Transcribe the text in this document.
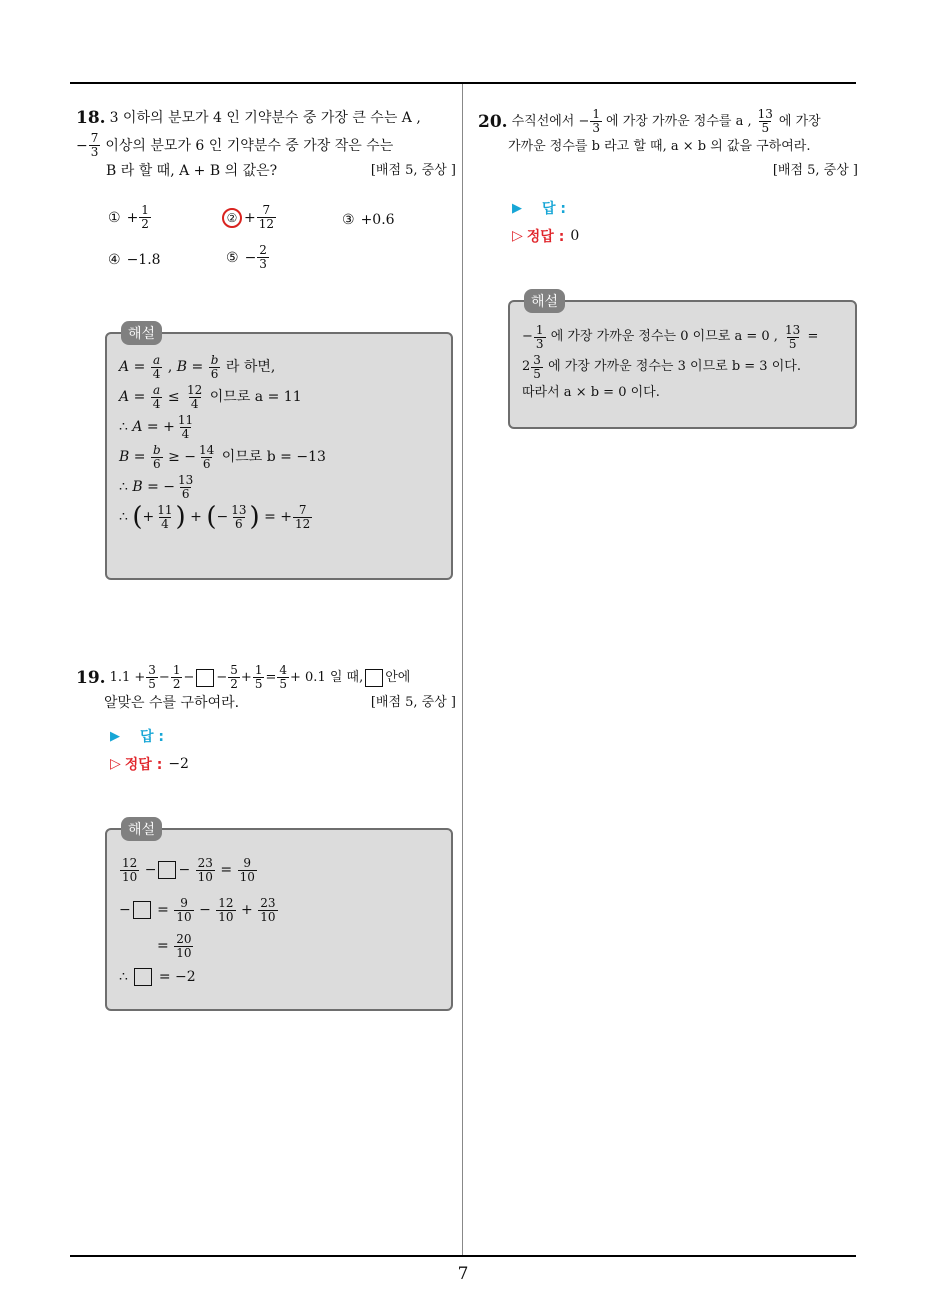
7
18. 3 이하의 분모가 4 인 기약분수 중 가장 큰 수는 A ,
− $\frac{7}{3}$ 이상의 분모가 6 인 기약분수 중 가장 작은 수는
B 라 할 때, A + B 의 값은?	[배점 5, 중상 ]
① + $\frac{1}{2}$	② + $\frac{7}{12}$	③ +0.6
④ −1.8	⑤ − $\frac{2}{3}$
해설
$A = \frac{a}{4}$ , $B = \frac{b}{6}$
라 하면,
$A = \frac{a}{4} \le \frac{12}{4}$
이므로 a = 11
∴ A = + $\frac{11}{4}$
$B = \frac{b}{6}$ ≥ − $\frac{14}{6}$
이므로 b = −13
∴ B = − $\frac{13}{6}$
∴ ( + $\frac{11}{4}$ ) + ( − $\frac{13}{6}$ ) = + $\frac{7}{12}$
19. $1.1 + \frac{3}{5} - \frac{1}{2}$ − − $\frac{5}{2} + \frac{1}{5} = \frac{4}{5} + 0.1$ 일 때, 안에
알맞은 수를 구하여라.	[배점 5, 중상 ]
▶ 답 :
▷ 정답 : −2
해설
$\frac{12}{10}$ − − $\frac{23}{10} = \frac{9}{10}$
−
= $\frac{9}{10} - \frac{12}{10} + \frac{23}{10}$
= $\frac{20}{10}$
∴
= −2
20. 수직선에서 − $\frac{1}{3}$ 에 가장 가까운 정수를 a , $\frac{13}{5}$ 에 가장
가까운 정수를 b 라고 할 때, a × b 의 값을 구하여라.
[배점 5, 중상 ]
▶ 답 :
▷ 정답 : 0
해설
− $\frac{1}{3}$
에 가장 가까운 정수는 0 이므로 a = 0 ,
$\frac{13}{5}$ =
$2 \frac{3}{5}$
에 가장 가까운 정수는 3 이므로 b = 3 이다.
따라서 a × b = 0 이다.
